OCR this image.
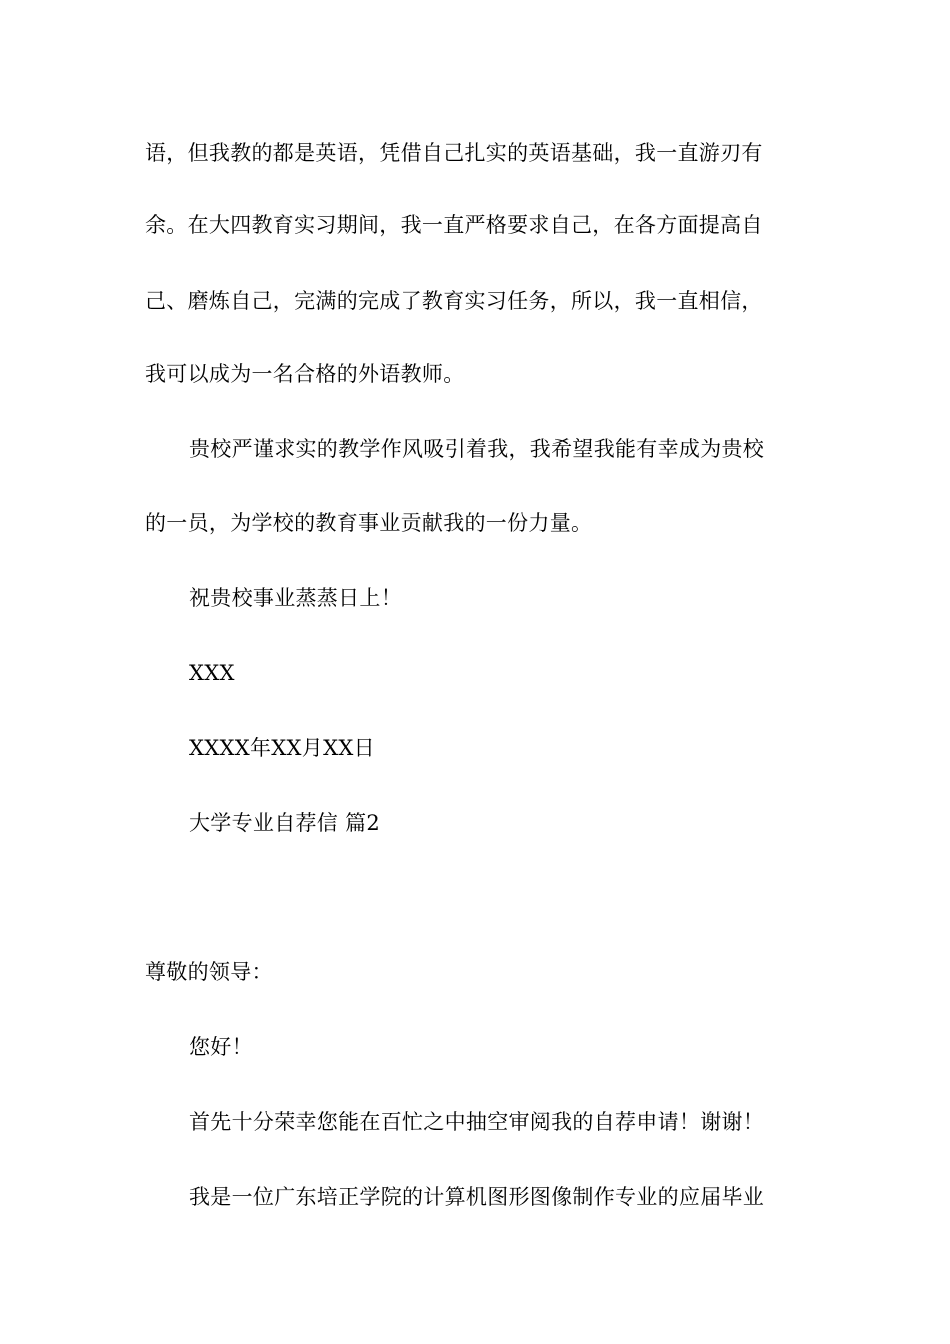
语，但我教的都是英语，凭借自己扎实的英语基础，我一直游刃有
余。在大四教育实习期间，我一直严格要求自己，在各方面提高自
己、磨炼自己，完满的完成了教育实习任务，所以，我一直相信，
我可以成为一名合格的外语教师。
贵校严谨求实的教学作风吸引着我，我希望我能有幸成为贵校
的一员，为学校的教育事业贡献我的一份力量。
祝贵校事业蒸蒸日上！
XXX
XXXX年XX月XX日
大学专业自荐信 篇2
尊敬的领导：
您好！
首先十分荣幸您能在百忙之中抽空审阅我的自荐申请！谢谢！
我是一位广东培正学院的计算机图形图像制作专业的应届毕业
